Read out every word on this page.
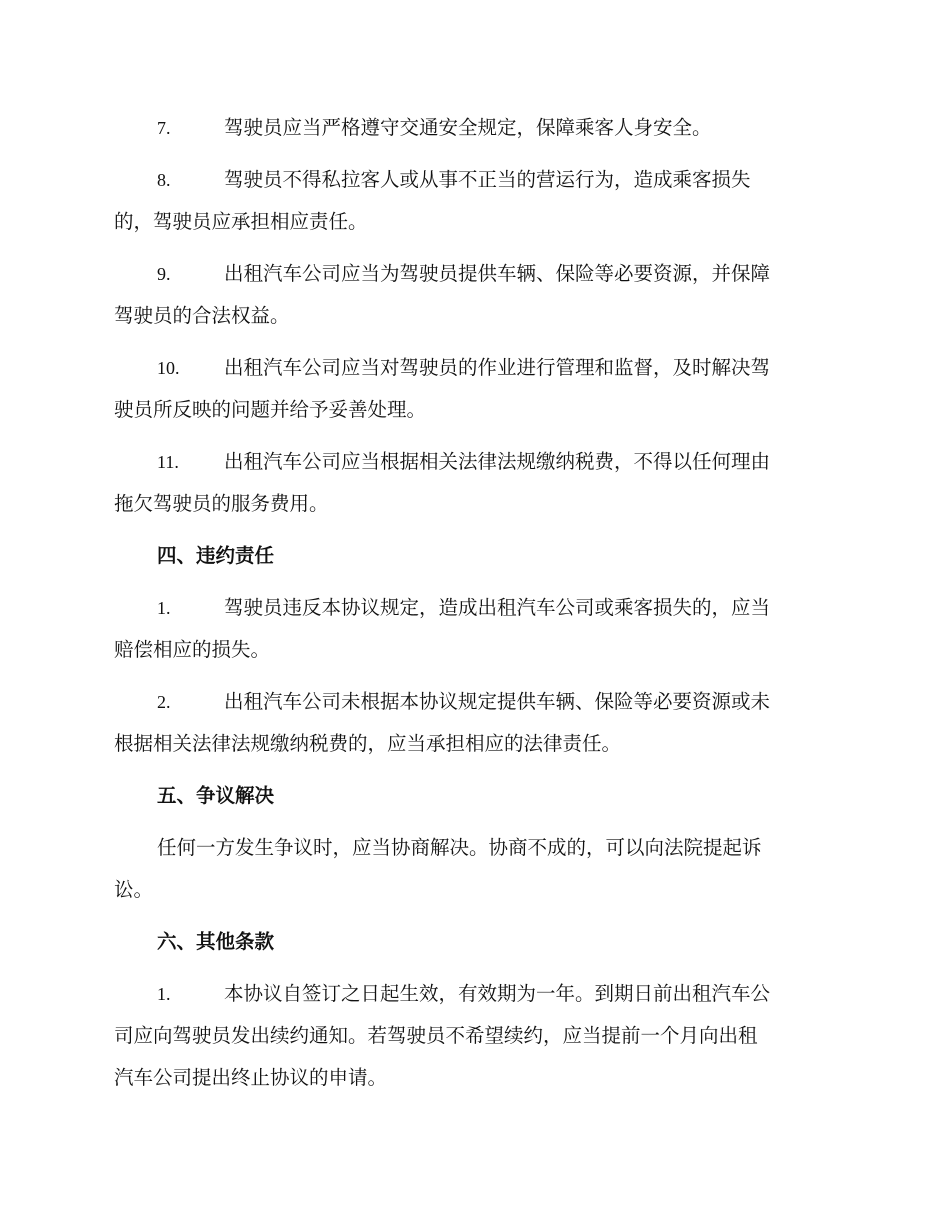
7.	驾驶员应当严格遵守交通安全规定，保障乘客人身安全。

8.	驾驶员不得私拉客人或从事不正当的营运行为，造成乘客损失

的，驾驶员应承担相应责任。

9.	出租汽车公司应当为驾驶员提供车辆、保险等必要资源，并保障

驾驶员的合法权益。

10. 出租汽车公司应当对驾驶员的作业进行管理和监督，及时解决驾

驶员所反映的问题并给予妥善处理。

11. 出租汽车公司应当根据相关法律法规缴纳税费，不得以任何理由

拖欠驾驶员的服务费用。

四、违约责任

1.	驾驶员违反本协议规定，造成出租汽车公司或乘客损失的，应当

赔偿相应的损失。

2.	出租汽车公司未根据本协议规定提供车辆、保险等必要资源或未

根据相关法律法规缴纳税费的，应当承担相应的法律责任。

五、争议解决

任何一方发生争议时，应当协商解决。协商不成的，可以向法院提起诉

讼。

六、其他条款

1.	本协议自签订之日起生效，有效期为一年。到期日前出租汽车公

司应向驾驶员发出续约通知。若驾驶员不希望续约，应当提前一个月向出租

汽车公司提出终止协议的申请。
